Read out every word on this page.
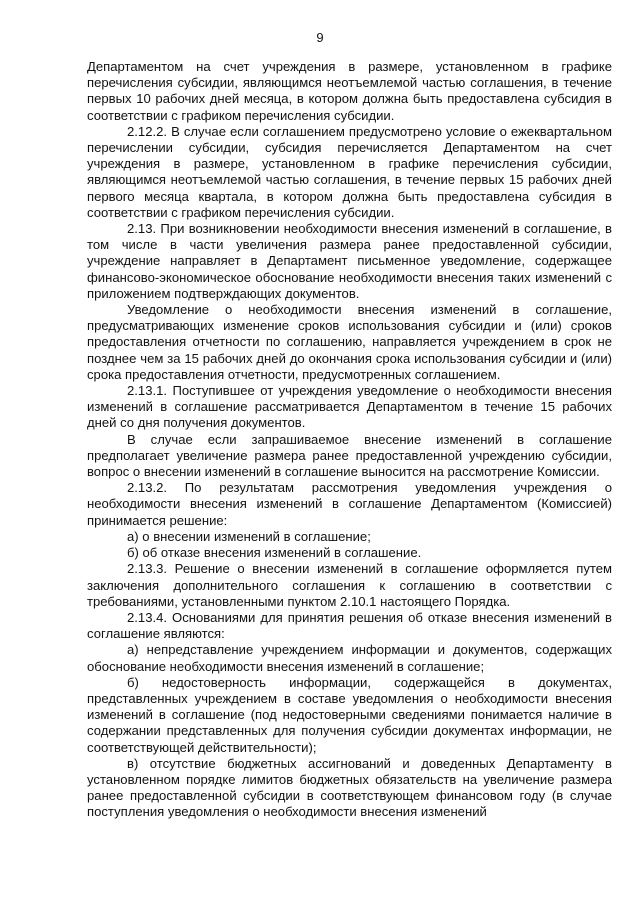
9

Департаментом на счет учреждения в размере, установленном в графике перечисления субсидии, являющимся неотъемлемой частью соглашения, в течение первых 10 рабочих дней месяца, в котором должна быть предоставлена субсидия в соответствии с графиком перечисления субсидии.

2.12.2. В случае если соглашением предусмотрено условие о ежеквартальном перечислении субсидии, субсидия перечисляется Департаментом на счет учреждения в размере, установленном в графике перечисления субсидии, являющимся неотъемлемой частью соглашения, в течение первых 15 рабочих дней первого месяца квартала, в котором должна быть предоставлена субсидия в соответствии с графиком перечисления субсидии.

2.13. При возникновении необходимости внесения изменений в соглашение, в том числе в части увеличения размера ранее предоставленной субсидии, учреждение направляет в Департамент письменное уведомление, содержащее финансово-экономическое обоснование необходимости внесения таких изменений с приложением подтверждающих документов.

Уведомление о необходимости внесения изменений в соглашение, предусматривающих изменение сроков использования субсидии и (или) сроков предоставления отчетности по соглашению, направляется учреждением в срок не позднее чем за 15 рабочих дней до окончания срока использования субсидии и (или) срока предоставления отчетности, предусмотренных соглашением.

2.13.1. Поступившее от учреждения уведомление о необходимости внесения изменений в соглашение рассматривается Департаментом в течение 15 рабочих дней со дня получения документов.

В случае если запрашиваемое внесение изменений в соглашение предполагает увеличение размера ранее предоставленной учреждению субсидии, вопрос о внесении изменений в соглашение выносится на рассмотрение Комиссии.

2.13.2. По результатам рассмотрения уведомления учреждения о необходимости внесения изменений в соглашение Департаментом (Комиссией) принимается решение:

а) о внесении изменений в соглашение;

б) об отказе внесения изменений в соглашение.

2.13.3. Решение о внесении изменений в соглашение оформляется путем заключения дополнительного соглашения к соглашению в соответствии с требованиями, установленными пунктом 2.10.1 настоящего Порядка.

2.13.4. Основаниями для принятия решения об отказе внесения изменений в соглашение являются:

а) непредставление учреждением информации и документов, содержащих обоснование необходимости внесения изменений в соглашение;

б) недостоверность информации, содержащейся в документах, представленных учреждением в составе уведомления о необходимости внесения изменений в соглашение (под недостоверными сведениями понимается наличие в содержании представленных для получения субсидии документах информации, не соответствующей действительности);

в) отсутствие бюджетных ассигнований и доведенных Департаменту в установленном порядке лимитов бюджетных обязательств на увеличение размера ранее предоставленной субсидии в соответствующем финансовом году (в случае поступления уведомления о необходимости внесения изменений
